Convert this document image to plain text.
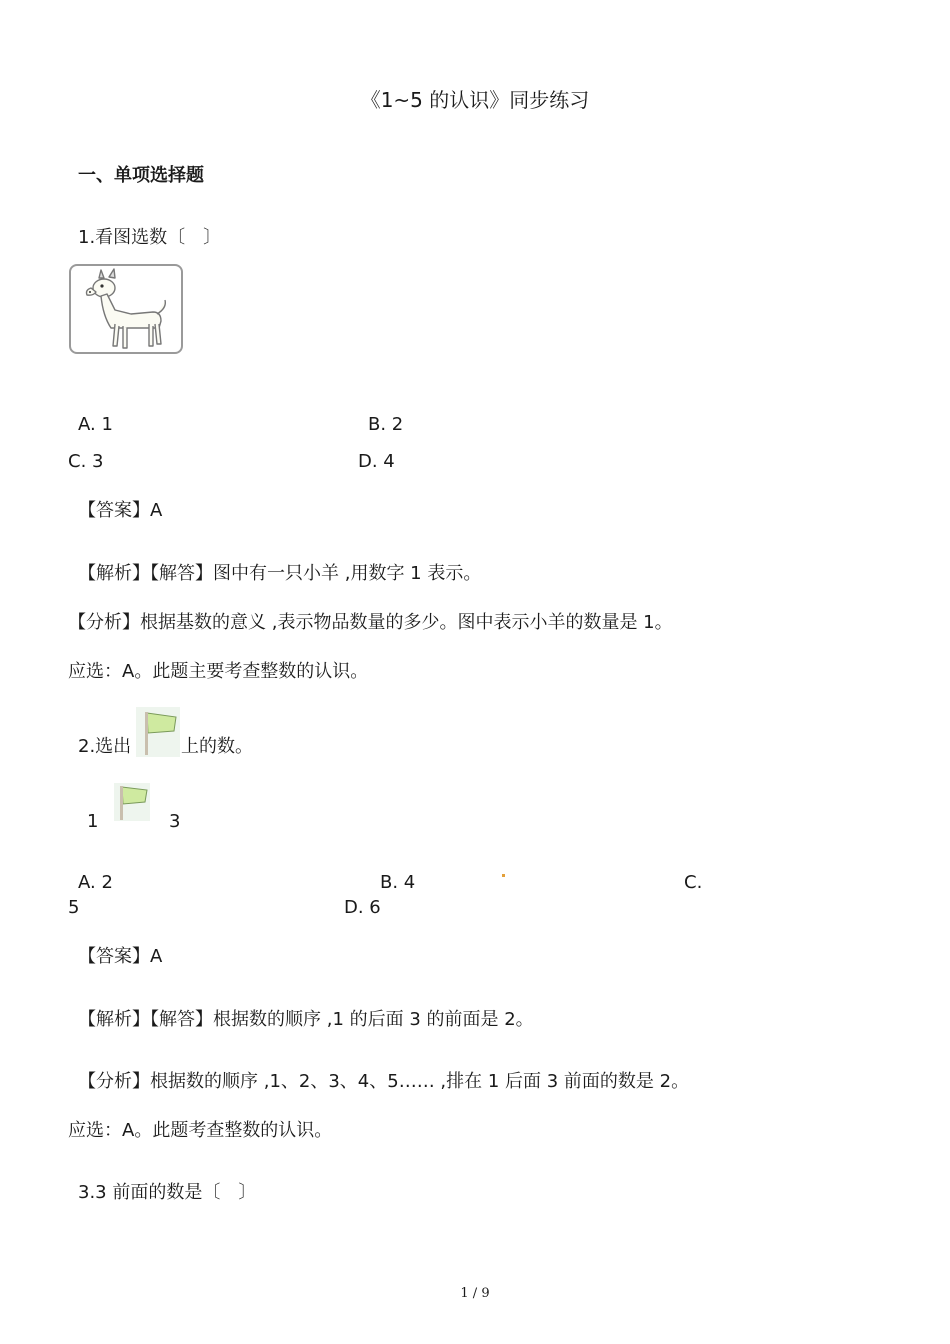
《1~5 的认识》同步练习
一、单项选择题
1.看图选数〔　〕
A. 1	B. 2
C. 3	D. 4
【答案】A
【解析】【解答】图中有一只小羊 ,用数字 1 表示。
【分析】根据基数的意义 ,表示物品数量的多少。图中表示小羊的数量是 1。
应选：A。此题主要考查整数的认识。
2.选出	上的数。
1	3
A. 2	B. 4	C.
5	D. 6
【答案】A
【解析】【解答】根据数的顺序 ,1 的后面 3 的前面是 2。
【分析】根据数的顺序 ,1、2、3、4、5…… ,排在 1 后面 3 前面的数是 2。
应选：A。此题考查整数的认识。
3.3 前面的数是〔　〕
1 / 9
